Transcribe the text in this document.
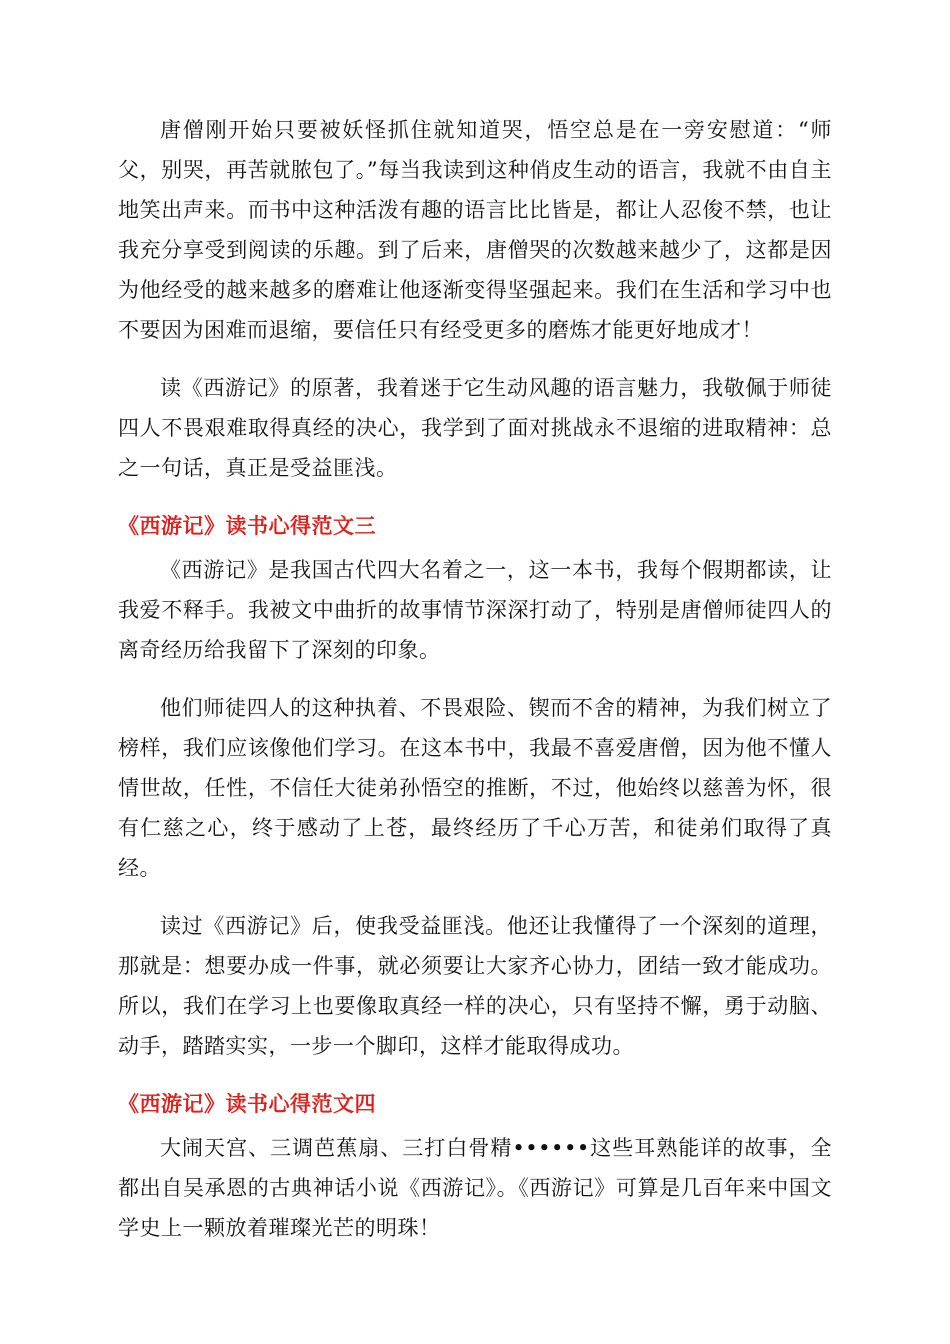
唐僧刚开始只要被妖怪抓住就知道哭，悟空总是在一旁安慰道：“师父，别哭，再苦就脓包了。”每当我读到这种俏皮生动的语言，我就不由自主地笑出声来。而书中这种活泼有趣的语言比比皆是，都让人忍俊不禁，也让我充分享受到阅读的乐趣。到了后来，唐僧哭的次数越来越少了，这都是因为他经受的越来越多的磨难让他逐渐变得坚强起来。我们在生活和学习中也不要因为困难而退缩，要信任只有经受更多的磨炼才能更好地成才！

读《西游记》的原著，我着迷于它生动风趣的语言魅力，我敬佩于师徒四人不畏艰难取得真经的决心，我学到了面对挑战永不退缩的进取精神：总之一句话，真正是受益匪浅。

《西游记》读书心得范文三

《西游记》是我国古代四大名着之一，这一本书，我每个假期都读，让我爱不释手。我被文中曲折的故事情节深深打动了，特别是唐僧师徒四人的离奇经历给我留下了深刻的印象。

他们师徒四人的这种执着、不畏艰险、锲而不舍的精神，为我们树立了榜样，我们应该像他们学习。在这本书中，我最不喜爱唐僧，因为他不懂人情世故，任性，不信任大徒弟孙悟空的推断，不过，他始终以慈善为怀，很有仁慈之心，终于感动了上苍，最终经历了千心万苦，和徒弟们取得了真经。

读过《西游记》后，使我受益匪浅。他还让我懂得了一个深刻的道理，那就是：想要办成一件事，就必须要让大家齐心协力，团结一致才能成功。所以，我们在学习上也要像取真经一样的决心，只有坚持不懈，勇于动脑、动手，踏踏实实，一步一个脚印，这样才能取得成功。

《西游记》读书心得范文四

大闹天宫、三调芭蕉扇、三打白骨精••••••这些耳熟能详的故事，全都出自吴承恩的古典神话小说《西游记》。《西游记》可算是几百年来中国文学史上一颗放着璀璨光芒的明珠！
